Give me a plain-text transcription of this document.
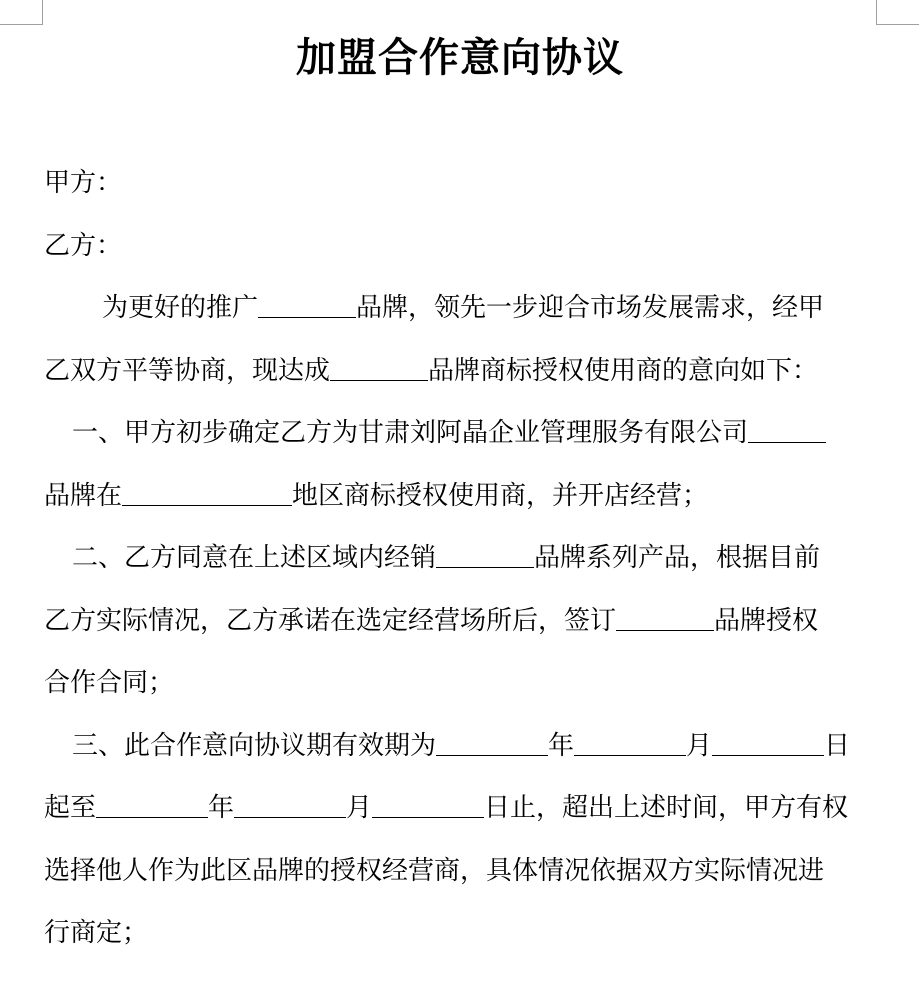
加盟合作意向协议
甲方：
乙方：
为更好的推广	品牌，领先一步迎合市场发展需求，经甲
乙双方平等协商，现达成	品牌商标授权使用商的意向如下：
一、甲方初步确定乙方为甘肃刘阿晶企业管理服务有限公司
品牌在	地区商标授权使用商，并开店经营；
二、乙方同意在上述区域内经销	品牌系列产品，根据目前
乙方实际情况，乙方承诺在选定经营场所后，签订	品牌授权
合作合同；
三、此合作意向协议期有效期为	年	月	日
起至	年	月	日止，超出上述时间，甲方有权
选择他人作为此区品牌的授权经营商，具体情况依据双方实际情况进
行商定；
